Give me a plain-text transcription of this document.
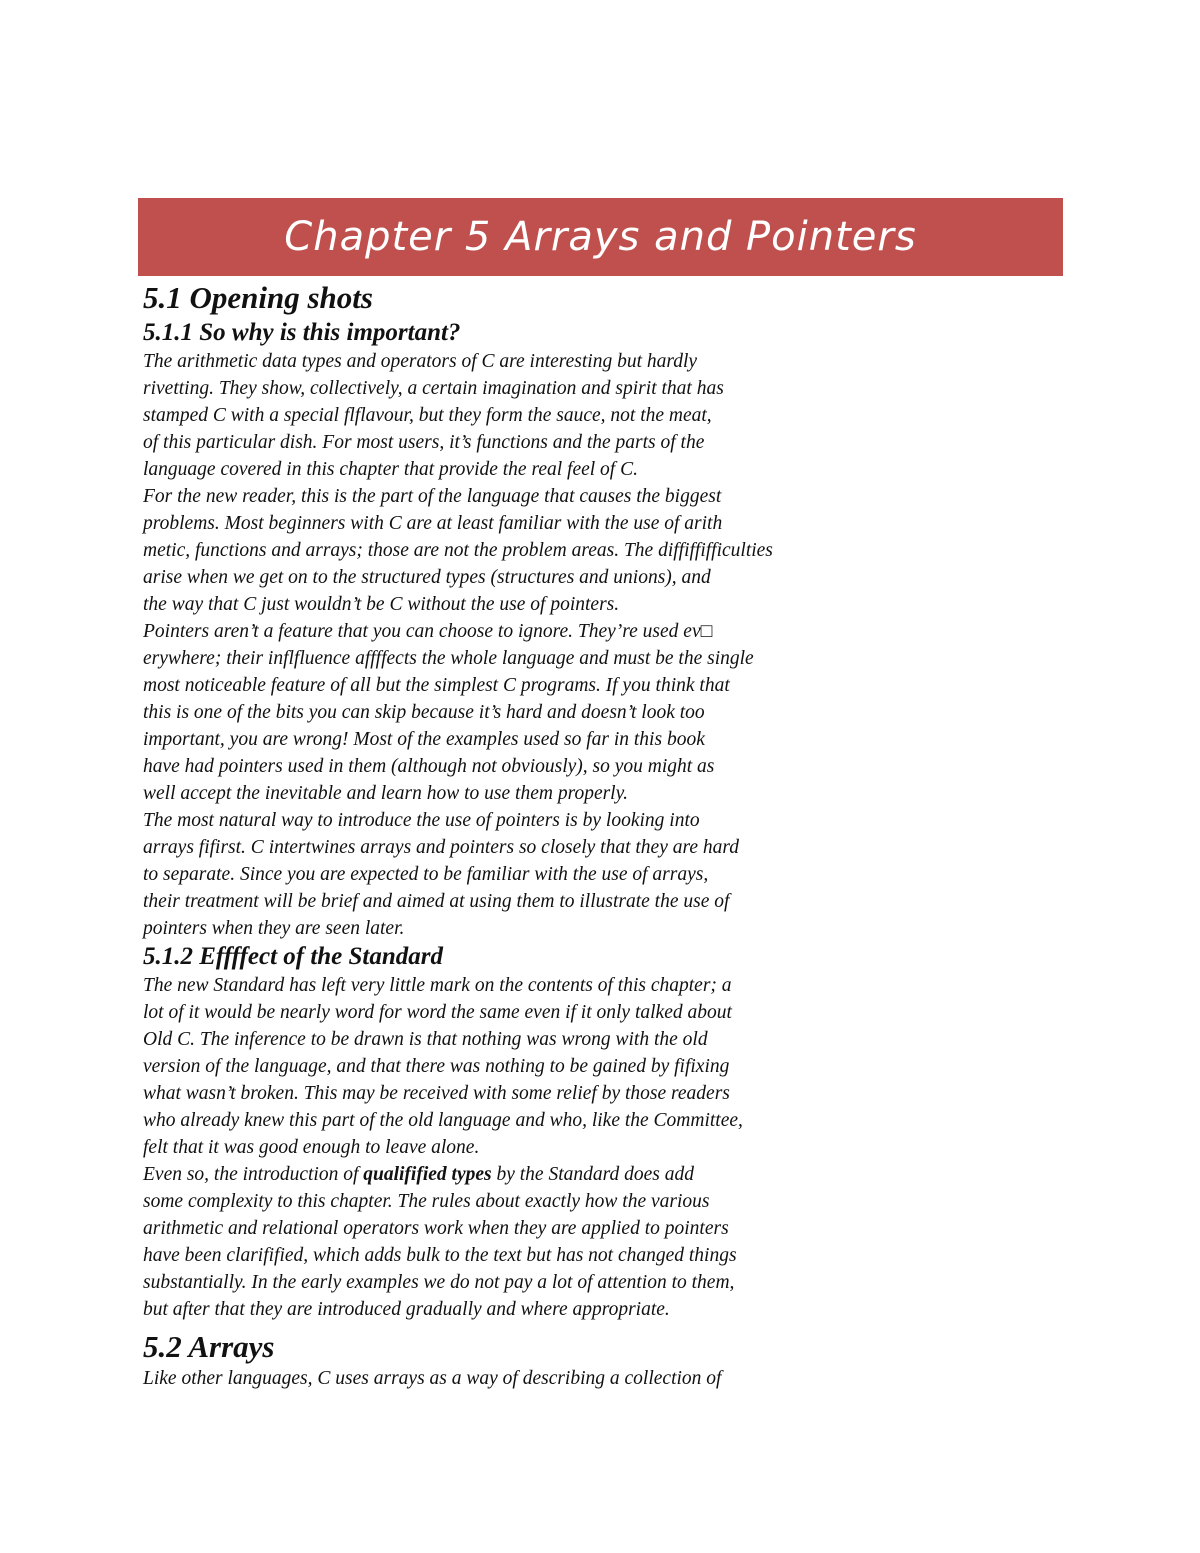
Chapter 5 Arrays and Pointers
5.1 Opening shots
5.1.1 So why is this important?

The arithmetic data types and operators of C are interesting but hardly

rivetting. They show, collectively, a certain imagination and spirit that has

stamped C with a special flflavour, but they form the sauce, not the meat,

of this particular dish. For most users, it’s functions and the parts of the

language covered in this chapter that provide the real feel of C.

For the new reader, this is the part of the language that causes the biggest

problems. Most beginners with C are at least familiar with the use of arith

metic, functions and arrays; those are not the problem areas. The diffiffifficulties

arise when we get on to the structured types (structures and unions), and

the way that C just wouldn’t be C without the use of pointers.

Pointers aren’t a feature that you can choose to ignore. They’re used ev□

erywhere; their inflfluence affffects the whole language and must be the single

most noticeable feature of all but the simplest C programs. If you think that

this is one of the bits you can skip because it’s hard and doesn’t look too

important, you are wrong! Most of the examples used so far in this book

have had pointers used in them (although not obviously), so you might as

well accept the inevitable and learn how to use them properly.

The most natural way to introduce the use of pointers is by looking into

arrays fifirst. C intertwines arrays and pointers so closely that they are hard

to separate. Since you are expected to be familiar with the use of arrays,

their treatment will be brief and aimed at using them to illustrate the use of

pointers when they are seen later.

5.1.2 Effffect of the Standard

The new Standard has left very little mark on the contents of this chapter; a

lot of it would be nearly word for word the same even if it only talked about

Old C. The inference to be drawn is that nothing was wrong with the old

version of the language, and that there was nothing to be gained by fifixing

what wasn’t broken. This may be received with some relief by those readers

who already knew this part of the old language and who, like the Committee,

felt that it was good enough to leave alone.

Even so, the introduction of qualifified types by the Standard does add

some complexity to this chapter. The rules about exactly how the various

arithmetic and relational operators work when they are applied to pointers

have been clarifified, which adds bulk to the text but has not changed things

substantially. In the early examples we do not pay a lot of attention to them,

but after that they are introduced gradually and where appropriate.

5.2 Arrays

Like other languages, C uses arrays as a way of describing a collection of
